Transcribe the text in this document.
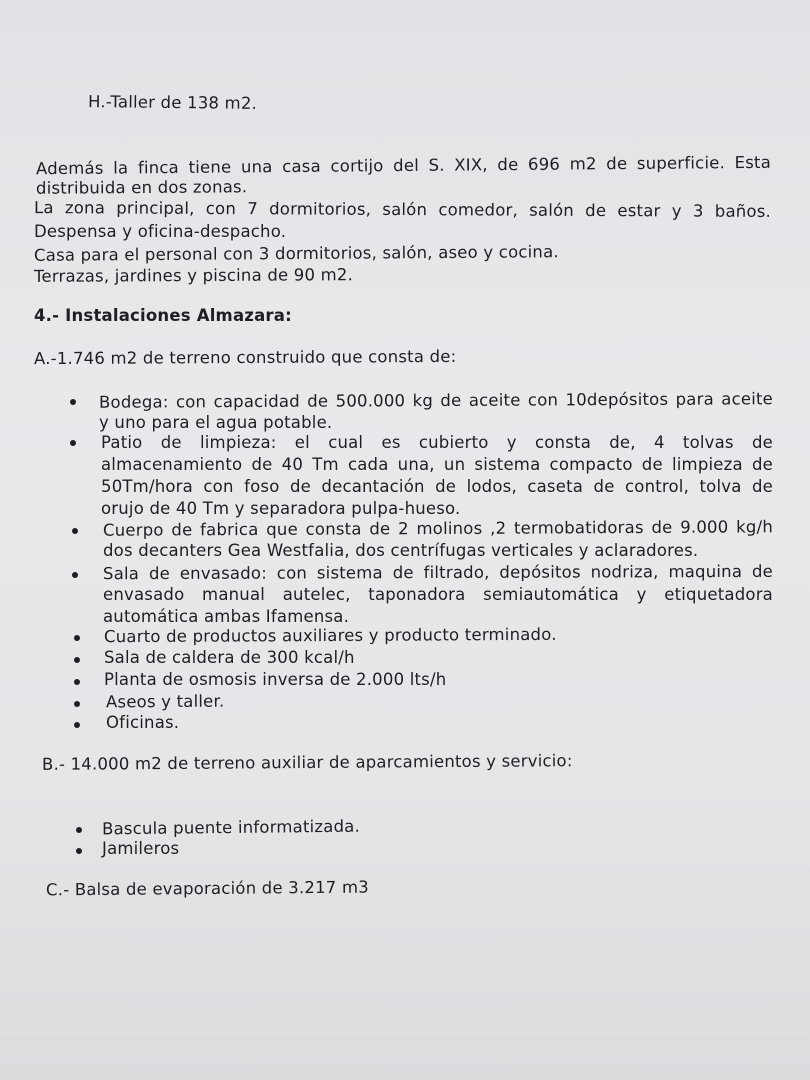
H.-Taller de 138 m2.
Además la finca tiene una casa cortijo del S. XIX, de 696 m2 de superficie. Esta
distribuida en dos zonas.
La zona principal, con 7 dormitorios, salón comedor, salón de estar y 3 baños.
Despensa y oficina-despacho.
Casa para el personal con 3 dormitorios, salón, aseo y cocina.
Terrazas, jardines y piscina de 90 m2.
4.- Instalaciones Almazara:
A.-1.746 m2 de terreno construido que consta de:
Bodega: con capacidad de 500.000 kg de aceite con 10depósitos para aceite
y uno para el agua potable.
Patio de limpieza: el cual es cubierto y consta de, 4 tolvas de
almacenamiento de 40 Tm cada una, un sistema compacto de limpieza de
50Tm/hora con foso de decantación de lodos, caseta de control, tolva de
orujo de 40 Tm y separadora pulpa-hueso.
Cuerpo de fabrica que consta de 2 molinos ,2 termobatidoras de 9.000 kg/h
dos decanters Gea Westfalia, dos centrífugas verticales y aclaradores.
Sala de envasado: con sistema de filtrado, depósitos nodriza, maquina de
envasado manual autelec, taponadora semiautomática y etiquetadora
automática ambas Ifamensa.
Cuarto de productos auxiliares y producto terminado.
Sala de caldera de 300 kcal/h
Planta de osmosis inversa de 2.000 lts/h
Aseos y taller.
Oficinas.
B.- 14.000 m2 de terreno auxiliar de aparcamientos y servicio:
Bascula puente informatizada.
Jamileros
C.- Balsa de evaporación de 3.217 m3
